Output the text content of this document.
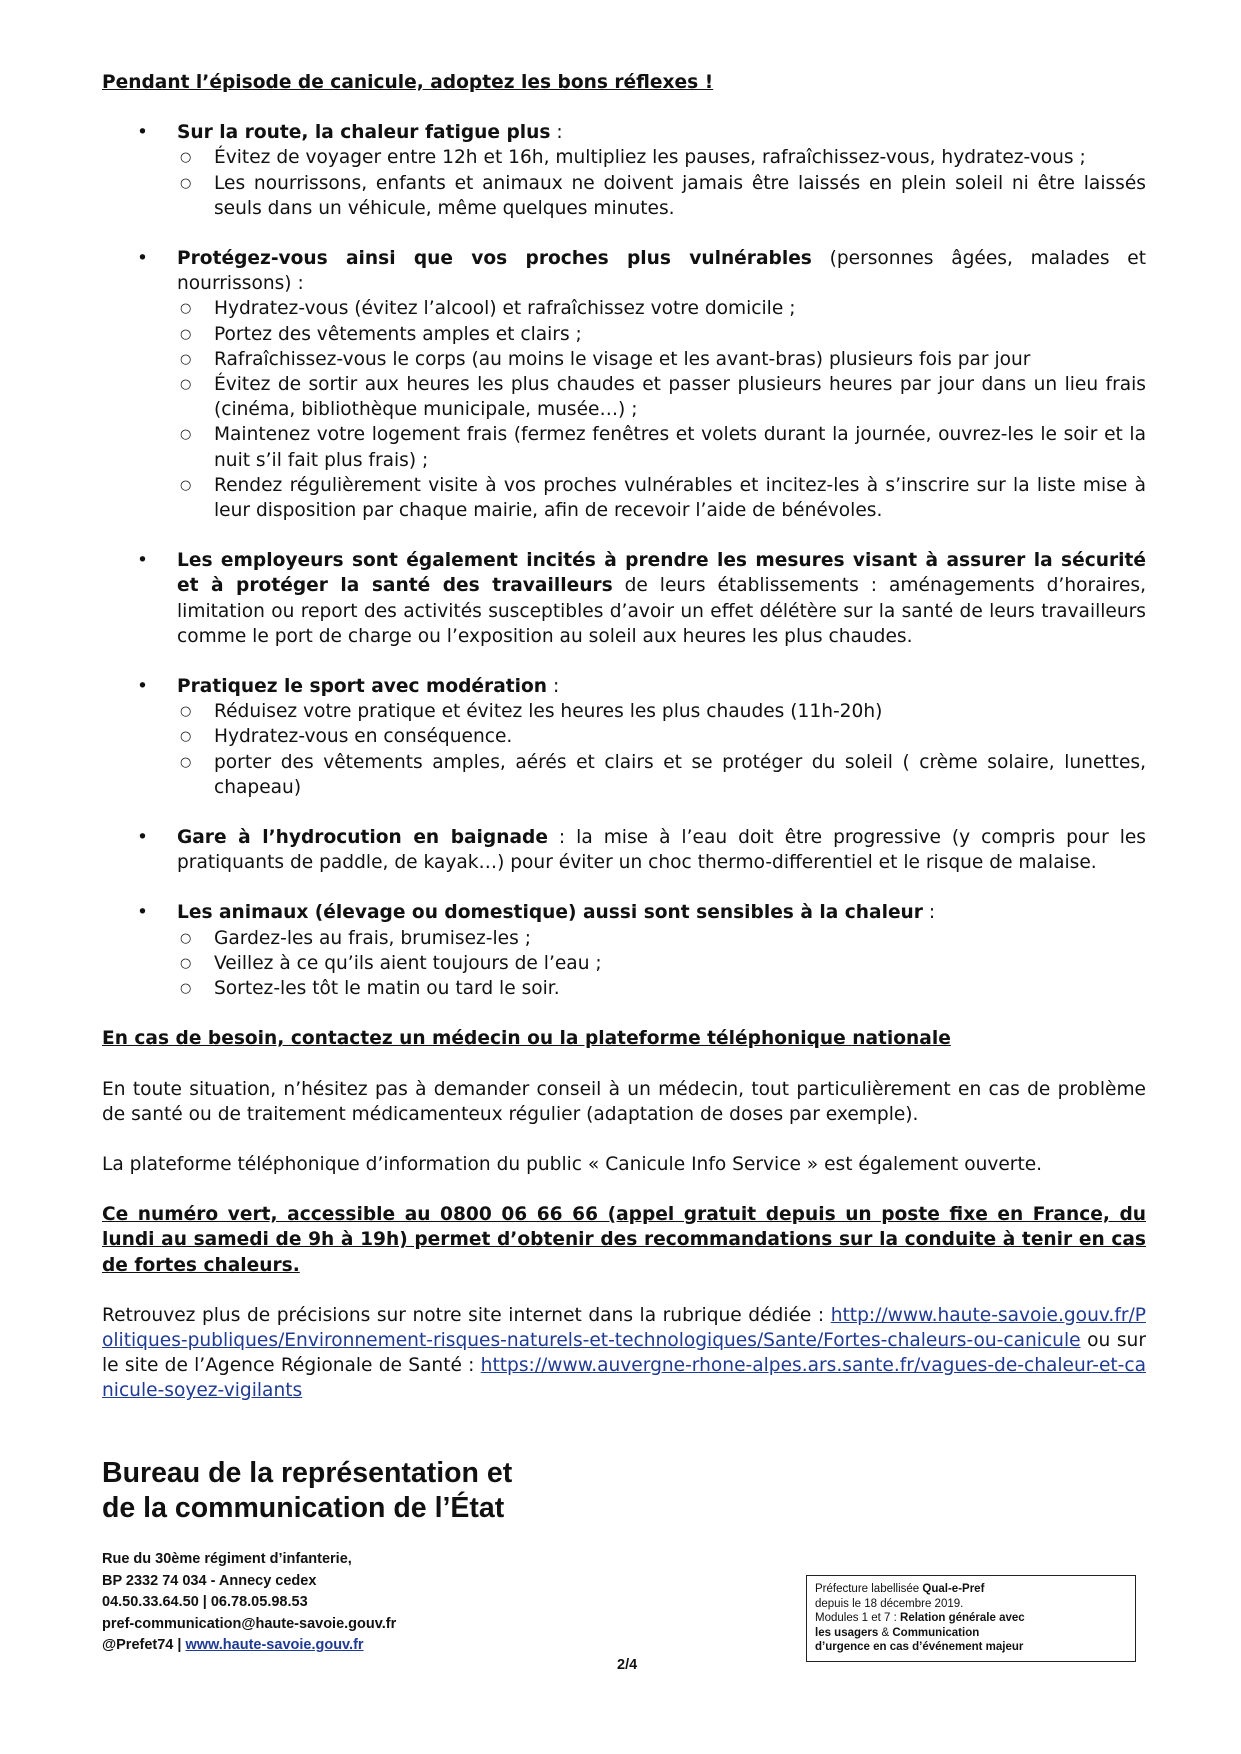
Pendant l’épisode de canicule, adoptez les bons réflexes !

• Sur la route, la chaleur fatigue plus :
○ Évitez de voyager entre 12h et 16h, multipliez les pauses, rafraîchissez-vous, hydratez-vous ;
○ Les nourrissons, enfants et animaux ne doivent jamais être laissés en plein soleil ni être laissés seuls dans un véhicule, même quelques minutes.
• Protégez-vous ainsi que vos proches plus vulnérables (personnes âgées, malades et nourrissons) :
○ Hydratez-vous (évitez l’alcool) et rafraîchissez votre domicile ;
○ Portez des vêtements amples et clairs ;
○ Rafraîchissez-vous le corps (au moins le visage et les avant-bras) plusieurs fois par jour
○ Évitez de sortir aux heures les plus chaudes et passer plusieurs heures par jour dans un lieu frais (cinéma, bibliothèque municipale, musée…) ;
○ Maintenez votre logement frais (fermez fenêtres et volets durant la journée, ouvrez-les le soir et la nuit s’il fait plus frais) ;
○ Rendez régulièrement visite à vos proches vulnérables et incitez-les à s’inscrire sur la liste mise à leur disposition par chaque mairie, afin de recevoir l’aide de bénévoles.
• Les employeurs sont également incités à prendre les mesures visant à assurer la sécurité et à protéger la santé des travailleurs de leurs établissements : aménagements d’horaires, limitation ou report des activités susceptibles d’avoir un effet délétère sur la santé de leurs travailleurs comme le port de charge ou l’exposition au soleil aux heures les plus chaudes.
• Pratiquez le sport avec modération :
○ Réduisez votre pratique et évitez les heures les plus chaudes (11h-20h)
○ Hydratez-vous en conséquence.
○ porter des vêtements amples, aérés et clairs et se protéger du soleil ( crème solaire, lunettes, chapeau)
• Gare à l’hydrocution en baignade : la mise à l’eau doit être progressive (y compris pour les pratiquants de paddle, de kayak…) pour éviter un choc thermo-differentiel et le risque de malaise.
• Les animaux (élevage ou domestique) aussi sont sensibles à la chaleur :
○ Gardez-les au frais, brumisez-les ;
○ Veillez à ce qu’ils aient toujours de l’eau ;
○ Sortez-les tôt le matin ou tard le soir.

En cas de besoin, contactez un médecin ou la plateforme téléphonique nationale

En toute situation, n’hésitez pas à demander conseil à un médecin, tout particulièrement en cas de problème de santé ou de traitement médicamenteux régulier (adaptation de doses par exemple).

La plateforme téléphonique d’information du public « Canicule Info Service » est également ouverte.

Ce numéro vert, accessible au 0800 06 66 66 (appel gratuit depuis un poste fixe en France, du lundi au samedi de 9h à 19h) permet d’obtenir des recommandations sur la conduite à tenir en cas de fortes chaleurs.

Retrouvez plus de précisions sur notre site internet dans la rubrique dédiée : http://www.haute-savoie.gouv.fr/Politiques-publiques/Environnement-risques-naturels-et-technologiques/Sante/Fortes-chaleurs-ou-canicule ou sur le site de l’Agence Régionale de Santé : https://www.auvergne-rhone-alpes.ars.sante.fr/vagues-de-chaleur-et-canicule-soyez-vigilants

Bureau de la représentation et
de la communication de l’État
Rue du 30ème régiment d’infanterie,
BP 2332 74 034 - Annecy cedex
04.50.33.64.50 | 06.78.05.98.53
pref-communication@haute-savoie.gouv.fr
@Prefet74 | www.haute-savoie.gouv.fr
2/4
Préfecture labellisée Qual-e-Pref
depuis le 18 décembre 2019.
Modules 1 et 7 : Relation générale avec
les usagers & Communication
d’urgence en cas d’événement majeur
